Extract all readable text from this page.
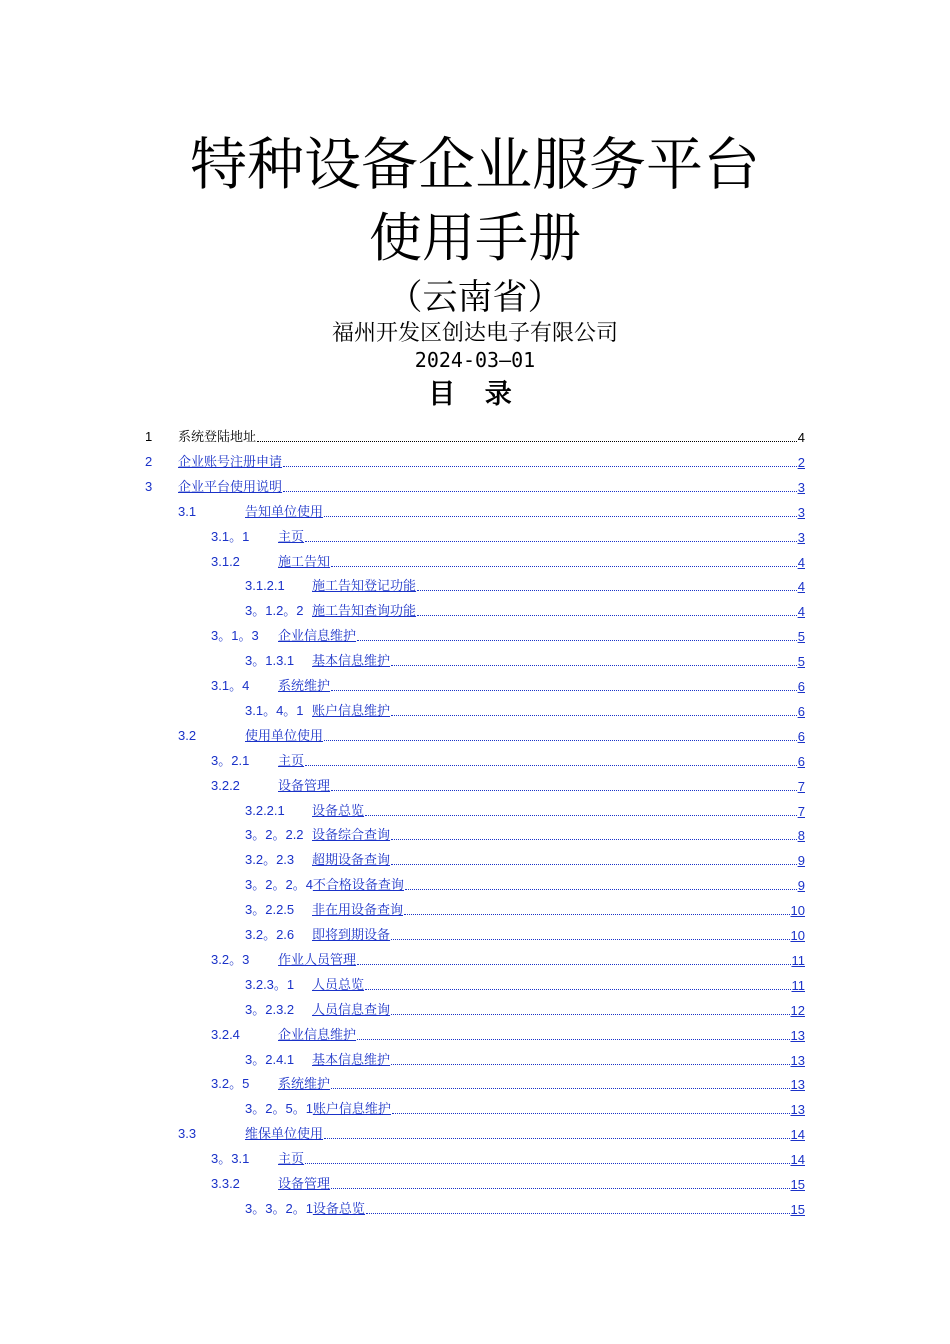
特种设备企业服务平台
使用手册
（云南省）
福州开发区创达电子有限公司
2024-03—01
目 录
1 系统登陆地址	4
2 企业账号注册申请	2
3 企业平台使用说明	3
3.1	告知单位使用	3
3.1。1 主页	3
3.1.2	施工告知	4
3.1.2.1 施工告知登记功能	4
3。1.2。2 施工告知查询功能	4
3。1。3 企业信息维护	5
3。1.3.1 基本信息维护	5
3.1。4 系统维护	6
3.1。4。1 账户信息维护	6
3.2	使用单位使用	6
3。2.1 主页	6
3.2.2	设备管理	7
3.2.2.1 设备总览	7
3。2。2.2 设备综合查询	8
3.2。2.3 超期设备查询	9
3。2。2。4不合格设备查询	9
3。2.2.5 非在用设备查询	10
3.2。2.6 即将到期设备	10
3.2。3 作业人员管理	11
3.2.3。1 人员总览	11
3。2.3.2 人员信息查询	12
3.2.4	企业信息维护	13
3。2.4.1 基本信息维护	13
3.2。5 系统维护	13
3。2。5。1账户信息维护	13
3.3	维保单位使用	14
3。3.1 主页	14
3.3.2	设备管理	15
3。3。2。1设备总览	15
